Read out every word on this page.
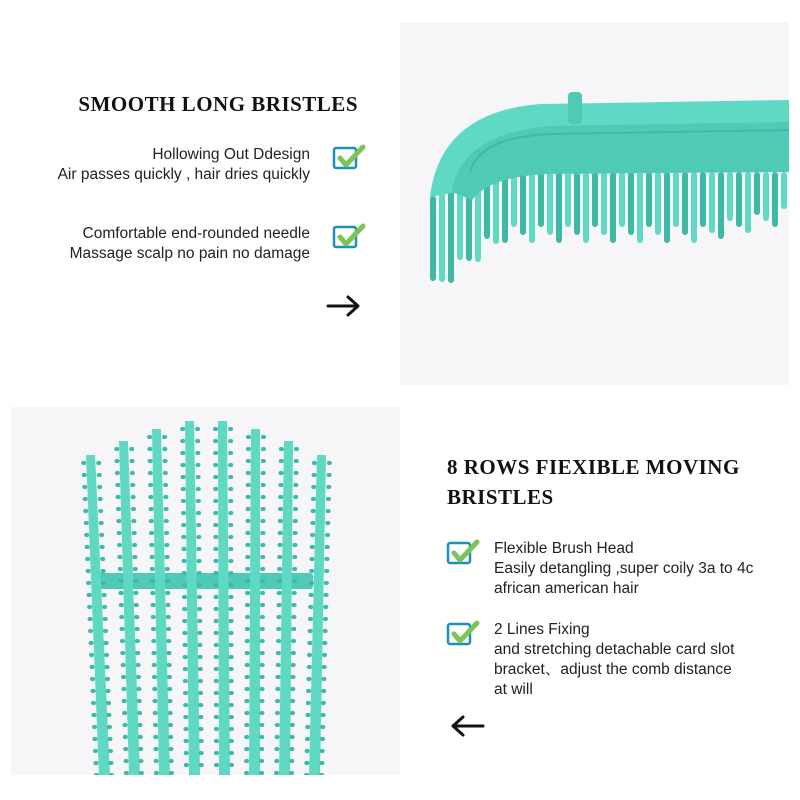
SMOOTH LONG BRISTLES
Hollowing Out Ddesign
Air passes quickly , hair dries quickly
Comfortable end-rounded needle
Massage scalp no pain no damage
8 ROWS FIEXIBLE MOVING
BRISTLES
Flexible Brush Head
Easily detangling ,super coily 3a to 4c
african american hair
2 Lines Fixing
and stretching detachable card slot
bracket、adjust the comb distance
at will
